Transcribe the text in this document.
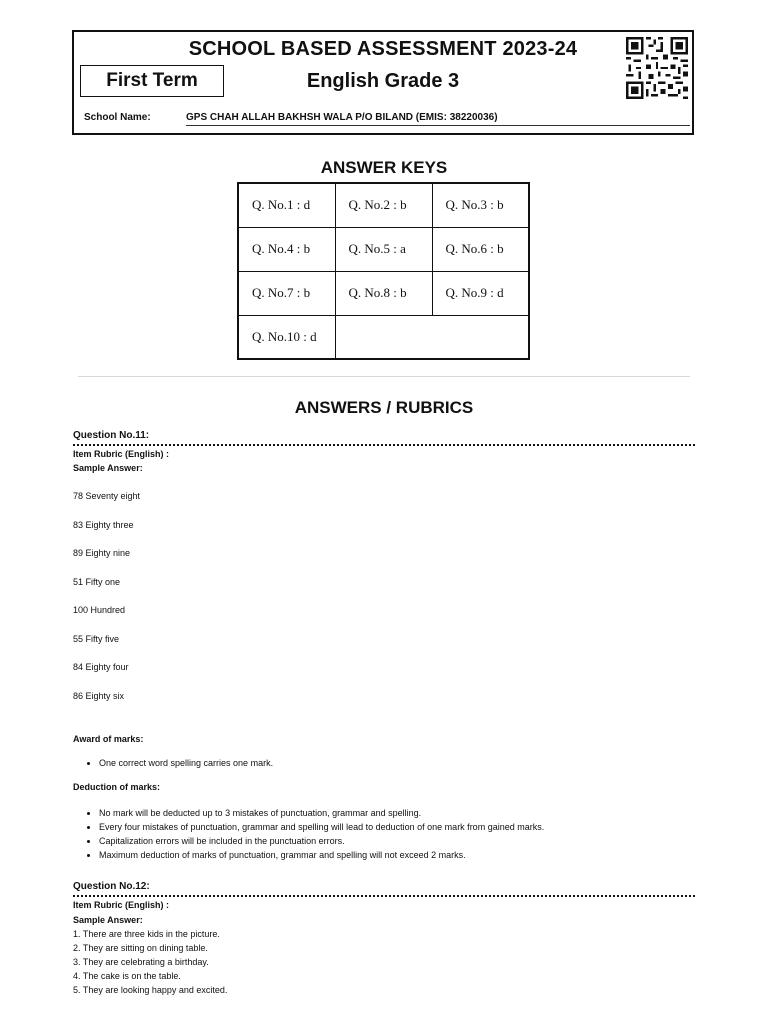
SCHOOL BASED ASSESSMENT 2023-24
English Grade 3
First Term
School Name:	GPS CHAH ALLAH BAKHSH WALA P/O BILAND (EMIS: 38220036)
ANSWER KEYS
Q. No.1 : d	Q. No.2 : b	Q. No.3 : b
Q. No.4 : b	Q. No.5 : a	Q. No.6 : b
Q. No.7 : b	Q. No.8 : b	Q. No.9 : d
Q. No.10 : d		
ANSWERS / RUBRICS
Question No.11:
Item Rubric (English) :
Sample Answer:
78 Seventy eight
83 Eighty three
89 Eighty nine
51 Fifty one
100 Hundred
55 Fifty five
84 Eighty four
86 Eighty six
Award of marks:
• One correct word spelling carries one mark.
Deduction of marks:
• No mark will be deducted up to 3 mistakes of punctuation, grammar and spelling.
• Every four mistakes of punctuation, grammar and spelling will lead to deduction of one mark from gained marks.
• Capitalization errors will be included in the punctuation errors.
• Maximum deduction of marks of punctuation, grammar and spelling will not exceed 2 marks.
Question No.12:
Item Rubric (English) :
Sample Answer:
1. There are three kids in the picture.
2. They are sitting on dining table.
3. They are celebrating a birthday.
4. The cake is on the table.
5. They are looking happy and excited.
